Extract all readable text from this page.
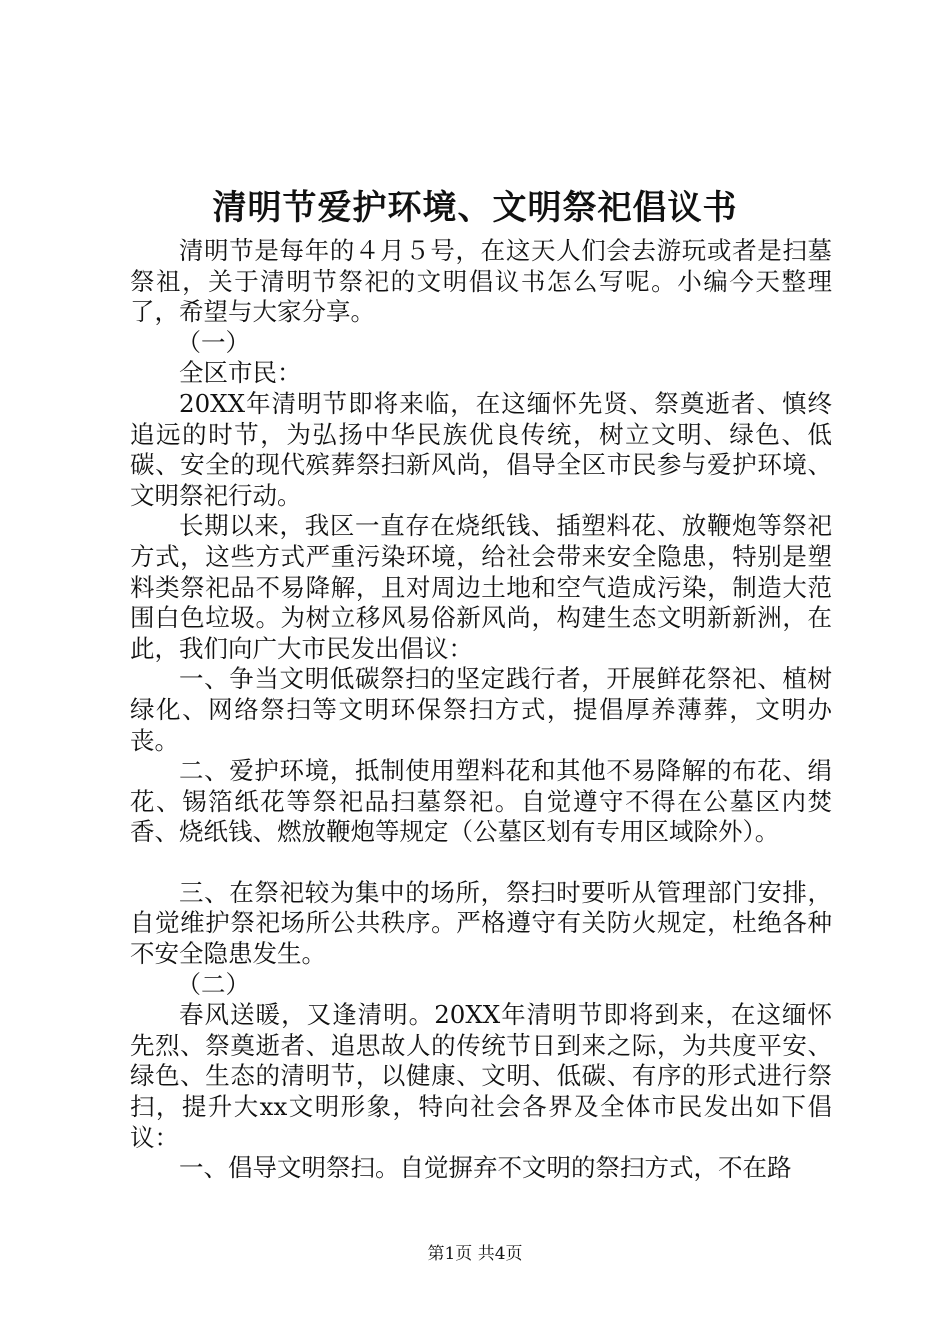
清明节爱护环境、文明祭祀倡议书

清明节是每年的４月５号，在这天人们会去游玩或者是扫墓祭祖，关于清明节祭祀的文明倡议书怎么写呢。小编今天整理了，希望与大家分享。

（一）

全区市民：

20XX年清明节即将来临，在这缅怀先贤、祭奠逝者、慎终追远的时节，为弘扬中华民族优良传统，树立文明、绿色、低碳、安全的现代殡葬祭扫新风尚，倡导全区市民参与爱护环境、文明祭祀行动。

长期以来，我区一直存在烧纸钱、插塑料花、放鞭炮等祭祀方式，这些方式严重污染环境，给社会带来安全隐患，特别是塑料类祭祀品不易降解，且对周边土地和空气造成污染，制造大范围白色垃圾。为树立移风易俗新风尚，构建生态文明新新洲，在此，我们向广大市民发出倡议：

一、争当文明低碳祭扫的坚定践行者，开展鲜花祭祀、植树绿化、网络祭扫等文明环保祭扫方式，提倡厚养薄葬，文明办丧。

二、爱护环境，抵制使用塑料花和其他不易降解的布花、绢花、锡箔纸花等祭祀品扫墓祭祀。自觉遵守不得在公墓区内焚香、烧纸钱、燃放鞭炮等规定（公墓区划有专用区域除外）。

三、在祭祀较为集中的场所，祭扫时要听从管理部门安排，自觉维护祭祀场所公共秩序。严格遵守有关防火规定，杜绝各种不安全隐患发生。

（二）

春风送暖，又逢清明。20XX年清明节即将到来，在这缅怀先烈、祭奠逝者、追思故人的传统节日到来之际，为共度平安、绿色、生态的清明节，以健康、文明、低碳、有序的形式进行祭扫，提升大xx文明形象，特向社会各界及全体市民发出如下倡议：

一、倡导文明祭扫。自觉摒弃不文明的祭扫方式，不在路

第1页 共4页
